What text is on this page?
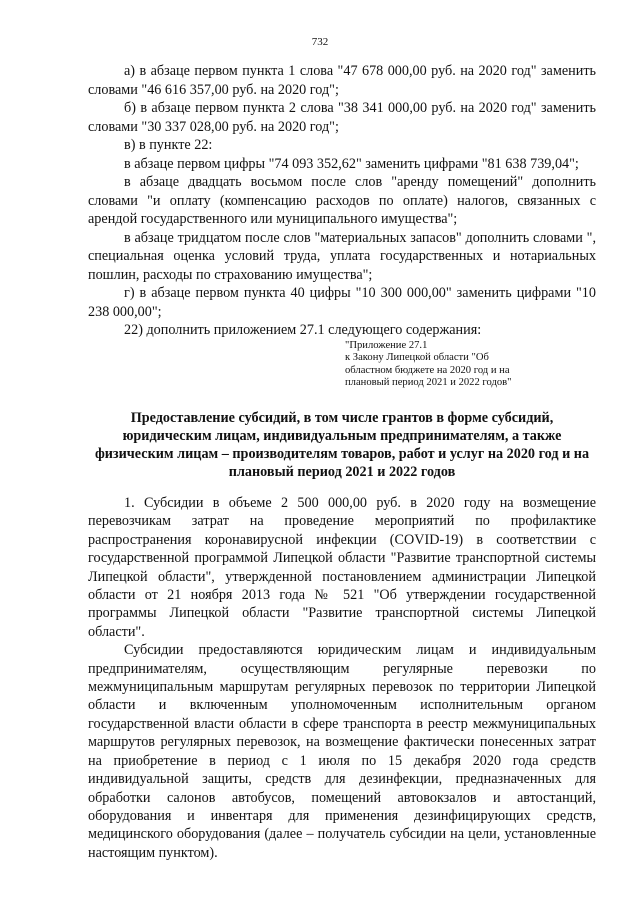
732

а) в абзаце первом пункта 1 слова "47 678 000,00 руб. на 2020 год" заменить словами "46 616 357,00 руб. на 2020 год";

б) в абзаце первом пункта 2 слова "38 341 000,00 руб. на 2020 год" заменить словами "30 337 028,00 руб. на 2020 год";

в) в пункте 22:

в абзаце первом цифры "74 093 352,62" заменить цифрами "81 638 739,04";

в абзаце двадцать восьмом после слов "аренду помещений" дополнить словами "и оплату (компенсацию расходов по оплате) налогов, связанных с арендой государственного или муниципального имущества";

в абзаце тридцатом после слов "материальных запасов" дополнить словами ", специальная оценка условий труда, уплата государственных и нотариальных пошлин, расходы по страхованию имущества";

г) в абзаце первом пункта 40 цифры "10 300 000,00" заменить цифрами "10 238 000,00";

22) дополнить приложением 27.1 следующего содержания:

"Приложение 27.1
к Закону Липецкой области "Об
областном бюджете на 2020 год и на
плановый период 2021 и 2022 годов"
Предоставление субсидий, в том числе грантов в форме субсидий,
юридическим лицам, индивидуальным предпринимателям, а также
физическим лицам – производителям товаров, работ и услуг на 2020 год и на
плановый период 2021 и 2022 годов

1. Субсидии в объеме 2 500 000,00 руб. в 2020 году на возмещение перевозчикам затрат на проведение мероприятий по профилактике распространения коронавирусной инфекции (COVID-19) в соответствии с государственной программой Липецкой области "Развитие транспортной системы Липецкой области", утвержденной постановлением администрации Липецкой области от 21 ноября 2013 года № 521 "Об утверждении государственной программы Липецкой области "Развитие транспортной системы Липецкой области".

Субсидии предоставляются юридическим лицам и индивидуальным предпринимателям, осуществляющим регулярные перевозки по межмуниципальным маршрутам регулярных перевозок по территории Липецкой области и включенным уполномоченным исполнительным органом государственной власти области в сфере транспорта в реестр межмуниципальных маршрутов регулярных перевозок, на возмещение фактически понесенных затрат на приобретение в период с 1 июля по 15 декабря 2020 года средств индивидуальной защиты, средств для дезинфекции, предназначенных для обработки салонов автобусов, помещений автовокзалов и автостанций, оборудования и инвентаря для применения дезинфицирующих средств, медицинского оборудования (далее – получатель субсидии на цели, установленные настоящим пунктом).
